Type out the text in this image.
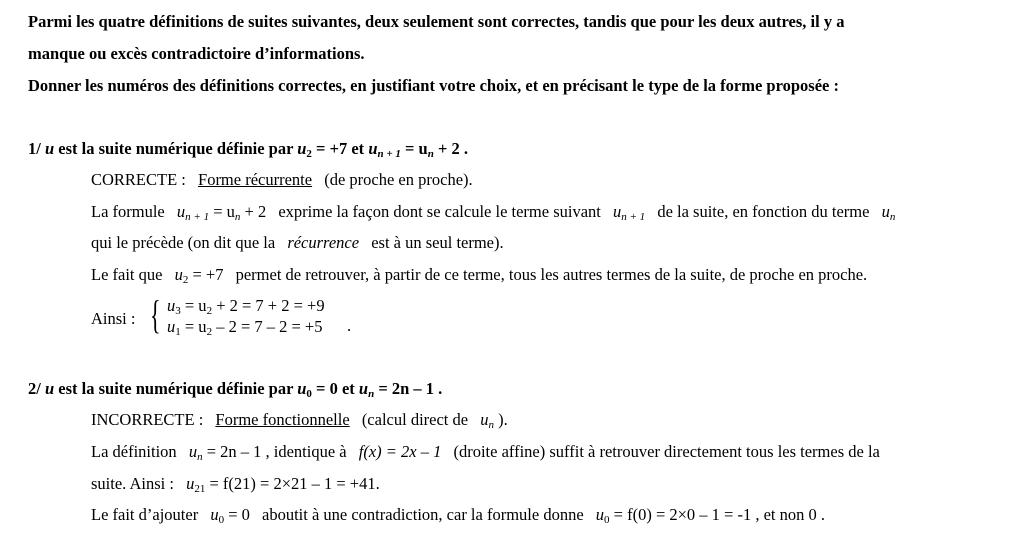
Parmi les quatre définitions de suites suivantes, deux seulement sont correctes, tandis que pour les deux autres, il y a
manque ou excès contradictoire d’informations.
Donner les numéros des définitions correctes, en justifiant votre choix, et en précisant le type de la forme proposée :
1/ u est la suite numérique définie par $u_2 = +7$ et $u_{n + 1} = u_n + 2$ .
CORRECTE : Forme récurrente (de proche en proche).
La formule $u_{n + 1} = u_n + 2$ exprime la façon dont se calcule le terme suivant $u_{n + 1}$ de la suite, en fonction du terme $u_n$
qui le précède (on dit que la récurrence est à un seul terme).
Le fait que $u_2 = +7$ permet de retrouver, à partir de ce terme, tous les autres termes de la suite, de proche en proche.
Ainsi : { $u_3 = u_2 + 2 = 7 + 2 = +9$
$u_1 = u_2 - 2 = 7 - 2 = +5$ .
2/ u est la suite numérique définie par $u_0 = 0$ et $u_n = 2n - 1$ .
INCORRECTE : Forme fonctionnelle (calcul direct de $u_n$ ).
La définition $u_n = 2n - 1$ , identique à f(x) = 2x – 1 (droite affine) suffit à retrouver directement tous les termes de la
suite. Ainsi : $u_{21} = f(21) = 2\times 21 - 1 = +41$.
Le fait d’ajouter $u_0 = 0$ aboutit à une contradiction, car la formule donne $u_0 = f(0) = 2\times 0 - 1 = -1$ , et non 0 .
